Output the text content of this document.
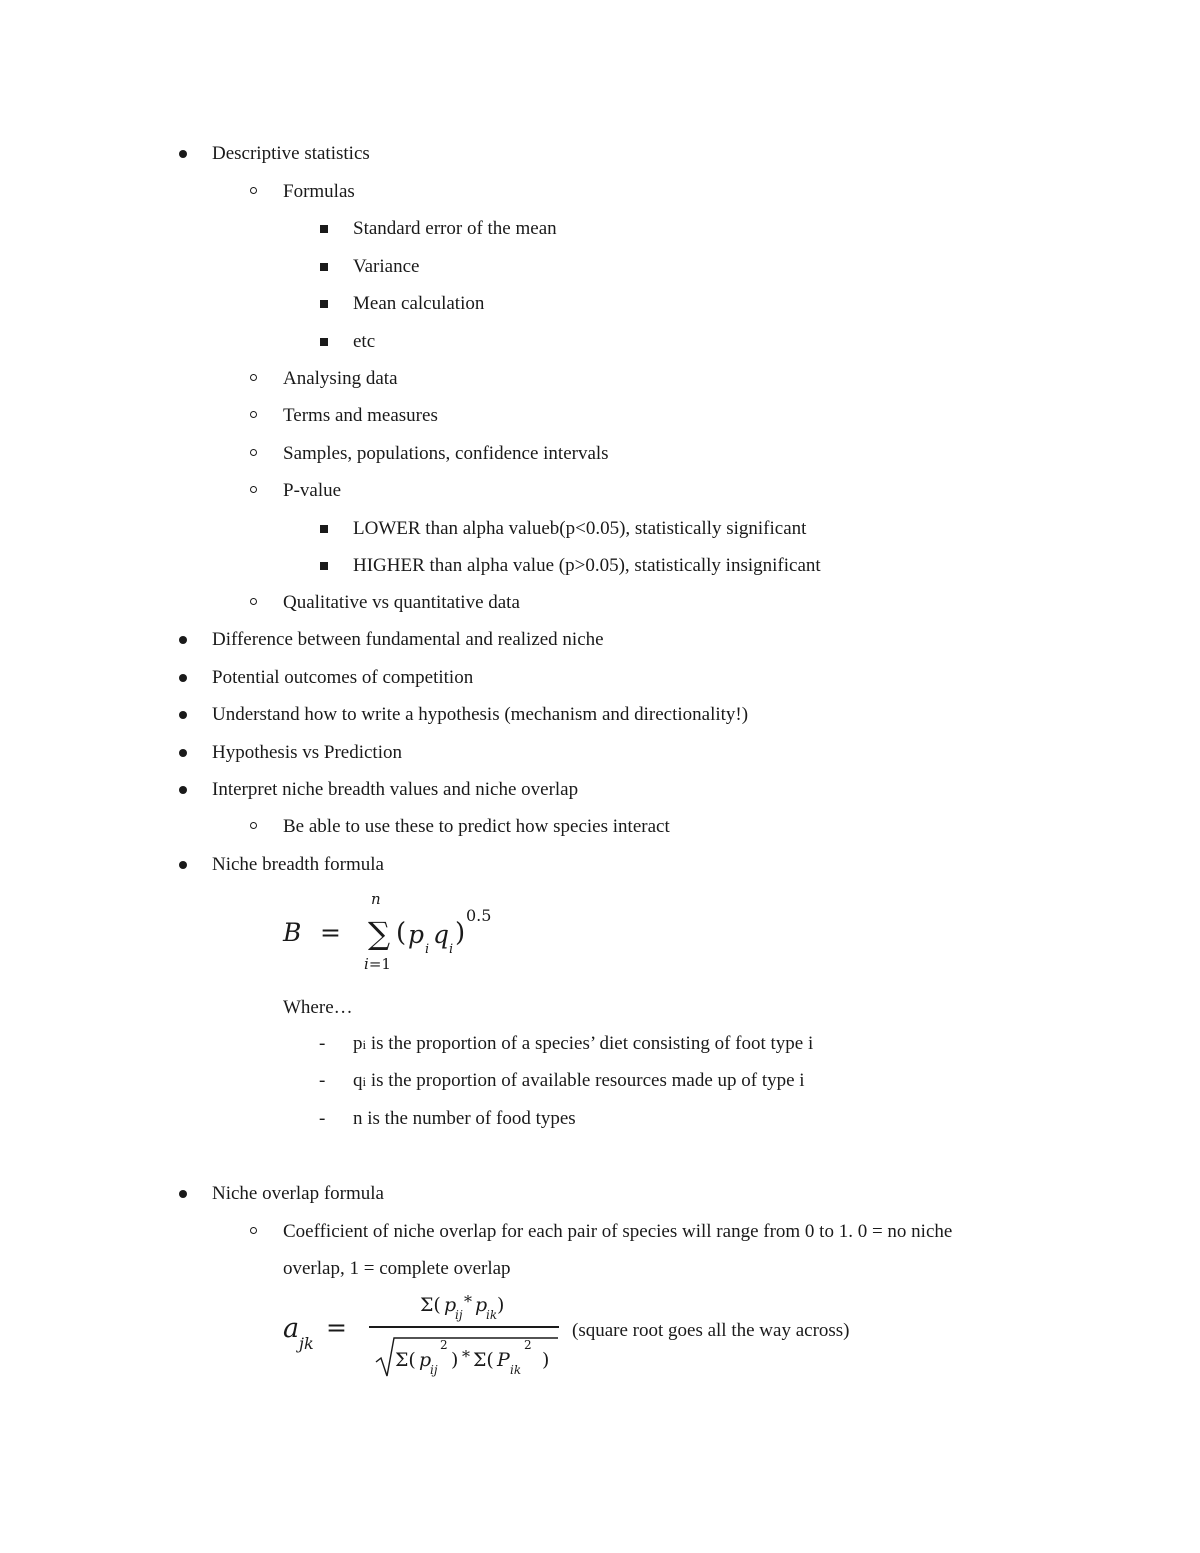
Descriptive statistics
Formulas
Standard error of the mean
Variance
Mean calculation
etc
Analysing data
Terms and measures
Samples, populations, confidence intervals
P-value
LOWER than alpha valueb(p<0.05), statistically significant
HIGHER than alpha value (p>0.05), statistically insignificant
Qualitative vs quantitative data
Difference between fundamental and realized niche
Potential outcomes of competition
Understand how to write a hypothesis (mechanism and directionality!)
Hypothesis vs Prediction
Interpret niche breadth values and niche overlap
Be able to use these to predict how species interact
Niche breadth formula
B =
n
∑
i=1
( p
i
q
i
)
0.5
Where…
- pi is the proportion of a species’ diet consisting of foot type i
- qi is the proportion of available resources made up of type i
- n is the number of food types
Niche overlap formula
Coefficient of niche overlap for each pair of species will range from 0 to 1. 0 = no niche
overlap, 1 = complete overlap
a jk
=
Σ( p
ij
* p
ik )
Σ( p
ij
2
) * Σ( P ik
2
)
(square root goes all the way across)
